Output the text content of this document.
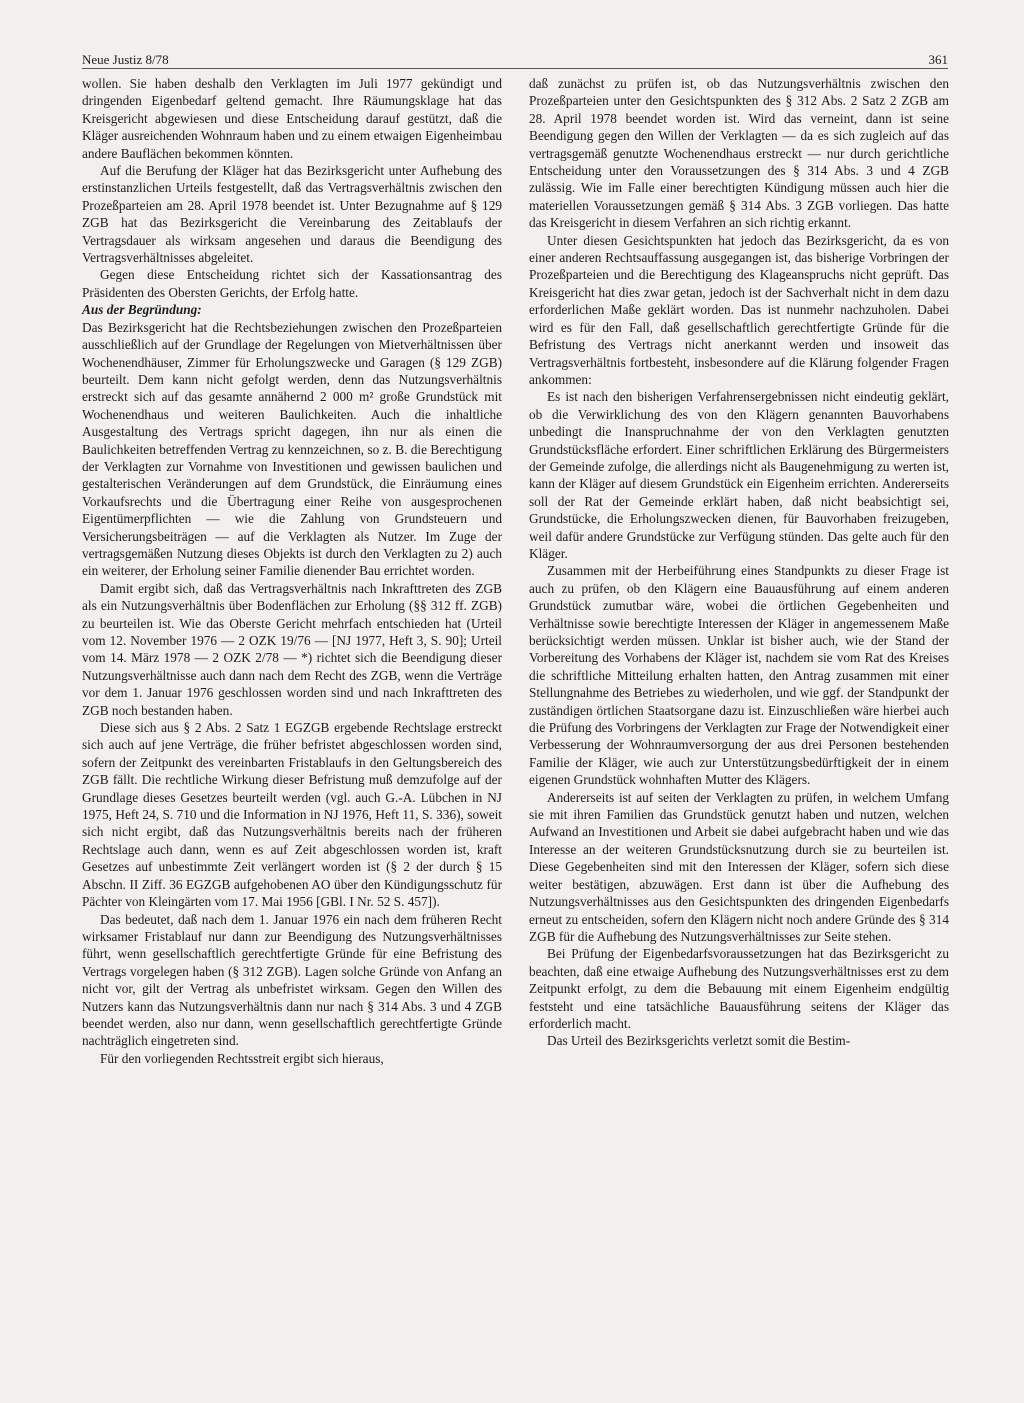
Neue Justiz 8/78	361

wollen. Sie haben deshalb den Verklagten im Juli 1977 gekündigt und dringenden Eigenbedarf geltend gemacht. Ihre Räumungsklage hat das Kreisgericht abgewiesen und diese Entscheidung darauf gestützt, daß die Kläger ausreichenden Wohnraum haben und zu einem etwaigen Eigenheimbau andere Bauflächen bekommen könnten.

Auf die Berufung der Kläger hat das Bezirksgericht unter Aufhebung des erstinstanzlichen Urteils festgestellt, daß das Vertragsverhältnis zwischen den Prozeßparteien am 28. April 1978 beendet ist. Unter Bezugnahme auf § 129 ZGB hat das Bezirksgericht die Vereinbarung des Zeitablaufs der Vertragsdauer als wirksam angesehen und daraus die Beendigung des Vertragsverhältnisses abgeleitet.

Gegen diese Entscheidung richtet sich der Kassationsantrag des Präsidenten des Obersten Gerichts, der Erfolg hatte.

Aus der Begründung:

Das Bezirksgericht hat die Rechtsbeziehungen zwischen den Prozeßparteien ausschließlich auf der Grundlage der Regelungen von Mietverhältnissen über Wochenendhäuser, Zimmer für Erholungszwecke und Garagen (§ 129 ZGB) beurteilt. Dem kann nicht gefolgt werden, denn das Nutzungsverhältnis erstreckt sich auf das gesamte annähernd 2 000 m² große Grundstück mit Wochenendhaus und weiteren Baulichkeiten. Auch die inhaltliche Ausgestaltung des Vertrags spricht dagegen, ihn nur als einen die Baulichkeiten betreffenden Vertrag zu kennzeichnen, so z. B. die Berechtigung der Verklagten zur Vornahme von Investitionen und gewissen baulichen und gestalterischen Veränderungen auf dem Grundstück, die Einräumung eines Vorkaufsrechts und die Übertragung einer Reihe von ausgesprochenen Eigentümerpflichten — wie die Zahlung von Grundsteuern und Versicherungsbeiträgen — auf die Verklagten als Nutzer. Im Zuge der vertragsgemäßen Nutzung dieses Objekts ist durch den Verklagten zu 2) auch ein weiterer, der Erholung seiner Familie dienender Bau errichtet worden.

Damit ergibt sich, daß das Vertragsverhältnis nach Inkrafttreten des ZGB als ein Nutzungsverhältnis über Bodenflächen zur Erholung (§§ 312 ff. ZGB) zu beurteilen ist. Wie das Oberste Gericht mehrfach entschieden hat (Urteil vom 12. November 1976 — 2 OZK 19/76 — [NJ 1977, Heft 3, S. 90]; Urteil vom 14. März 1978 — 2 OZK 2/78 — *) richtet sich die Beendigung dieser Nutzungsverhältnisse auch dann nach dem Recht des ZGB, wenn die Verträge vor dem 1. Januar 1976 geschlossen worden sind und nach Inkrafttreten des ZGB noch bestanden haben.

Diese sich aus § 2 Abs. 2 Satz 1 EGZGB ergebende Rechtslage erstreckt sich auch auf jene Verträge, die früher befristet abgeschlossen worden sind, sofern der Zeitpunkt des vereinbarten Fristablaufs in den Geltungsbereich des ZGB fällt. Die rechtliche Wirkung dieser Befristung muß demzufolge auf der Grundlage dieses Gesetzes beurteilt werden (vgl. auch G.-A. Lübchen in NJ 1975, Heft 24, S. 710 und die Information in NJ 1976, Heft 11, S. 336), soweit sich nicht ergibt, daß das Nutzungsverhältnis bereits nach der früheren Rechtslage auch dann, wenn es auf Zeit abgeschlossen worden ist, kraft Gesetzes auf unbestimmte Zeit verlängert worden ist (§ 2 der durch § 15 Abschn. II Ziff. 36 EGZGB aufgehobenen AO über den Kündigungsschutz für Pächter von Kleingärten vom 17. Mai 1956 [GBl. I Nr. 52 S. 457]).

Das bedeutet, daß nach dem 1. Januar 1976 ein nach dem früheren Recht wirksamer Fristablauf nur dann zur Beendigung des Nutzungsverhältnisses führt, wenn gesellschaftlich gerechtfertigte Gründe für eine Befristung des Vertrags vorgelegen haben (§ 312 ZGB). Lagen solche Gründe von Anfang an nicht vor, gilt der Vertrag als unbefristet wirksam. Gegen den Willen des Nutzers kann das Nutzungsverhältnis dann nur nach § 314 Abs. 3 und 4 ZGB beendet werden, also nur dann, wenn gesellschaftlich gerechtfertigte Gründe nachträglich eingetreten sind.

Für den vorliegenden Rechtsstreit ergibt sich hieraus,

daß zunächst zu prüfen ist, ob das Nutzungsverhältnis zwischen den Prozeßparteien unter den Gesichtspunkten des § 312 Abs. 2 Satz 2 ZGB am 28. April 1978 beendet worden ist. Wird das verneint, dann ist seine Beendigung gegen den Willen der Verklagten — da es sich zugleich auf das vertragsgemäß genutzte Wochenendhaus erstreckt — nur durch gerichtliche Entscheidung unter den Voraussetzungen des § 314 Abs. 3 und 4 ZGB zulässig. Wie im Falle einer berechtigten Kündigung müssen auch hier die materiellen Voraussetzungen gemäß § 314 Abs. 3 ZGB vorliegen. Das hatte das Kreisgericht in diesem Verfahren an sich richtig erkannt.

Unter diesen Gesichtspunkten hat jedoch das Bezirksgericht, da es von einer anderen Rechtsauffassung ausgegangen ist, das bisherige Vorbringen der Prozeßparteien und die Berechtigung des Klageanspruchs nicht geprüft. Das Kreisgericht hat dies zwar getan, jedoch ist der Sachverhalt nicht in dem dazu erforderlichen Maße geklärt worden. Das ist nunmehr nachzuholen. Dabei wird es für den Fall, daß gesellschaftlich gerechtfertigte Gründe für die Befristung des Vertrags nicht anerkannt werden und insoweit das Vertragsverhältnis fortbesteht, insbesondere auf die Klärung folgender Fragen ankommen:

Es ist nach den bisherigen Verfahrensergebnissen nicht eindeutig geklärt, ob die Verwirklichung des von den Klägern genannten Bauvorhabens unbedingt die Inanspruchnahme der von den Verklagten genutzten Grundstücksfläche erfordert. Einer schriftlichen Erklärung des Bürgermeisters der Gemeinde zufolge, die allerdings nicht als Baugenehmigung zu werten ist, kann der Kläger auf diesem Grundstück ein Eigenheim errichten. Andererseits soll der Rat der Gemeinde erklärt haben, daß nicht beabsichtigt sei, Grundstücke, die Erholungszwecken dienen, für Bauvorhaben freizugeben, weil dafür andere Grundstücke zur Verfügung stünden. Das gelte auch für den Kläger.

Zusammen mit der Herbeiführung eines Standpunkts zu dieser Frage ist auch zu prüfen, ob den Klägern eine Bauausführung auf einem anderen Grundstück zumutbar wäre, wobei die örtlichen Gegebenheiten und Verhältnisse sowie berechtigte Interessen der Kläger in angemessenem Maße berücksichtigt werden müssen. Unklar ist bisher auch, wie der Stand der Vorbereitung des Vorhabens der Kläger ist, nachdem sie vom Rat des Kreises die schriftliche Mitteilung erhalten hatten, den Antrag zusammen mit einer Stellungnahme des Betriebes zu wiederholen, und wie ggf. der Standpunkt der zuständigen örtlichen Staatsorgane dazu ist. Einzuschließen wäre hierbei auch die Prüfung des Vorbringens der Verklagten zur Frage der Notwendigkeit einer Verbesserung der Wohnraumversorgung der aus drei Personen bestehenden Familie der Kläger, wie auch zur Unterstützungsbedürftigkeit der in einem eigenen Grundstück wohnhaften Mutter des Klägers.

Andererseits ist auf seiten der Verklagten zu prüfen, in welchem Umfang sie mit ihren Familien das Grundstück genutzt haben und nutzen, welchen Aufwand an Investitionen und Arbeit sie dabei aufgebracht haben und wie das Interesse an der weiteren Grundstücksnutzung durch sie zu beurteilen ist. Diese Gegebenheiten sind mit den Interessen der Kläger, sofern sich diese weiter bestätigen, abzuwägen. Erst dann ist über die Aufhebung des Nutzungsverhältnisses aus den Gesichtspunkten des dringenden Eigenbedarfs erneut zu entscheiden, sofern den Klägern nicht noch andere Gründe des § 314 ZGB für die Aufhebung des Nutzungsverhältnisses zur Seite stehen.

Bei Prüfung der Eigenbedarfsvoraussetzungen hat das Bezirksgericht zu beachten, daß eine etwaige Aufhebung des Nutzungsverhältnisses erst zu dem Zeitpunkt erfolgt, zu dem die Bebauung mit einem Eigenheim endgültig feststeht und eine tatsächliche Bauausführung seitens der Kläger das erforderlich macht.

Das Urteil des Bezirksgerichts verletzt somit die Bestim-
